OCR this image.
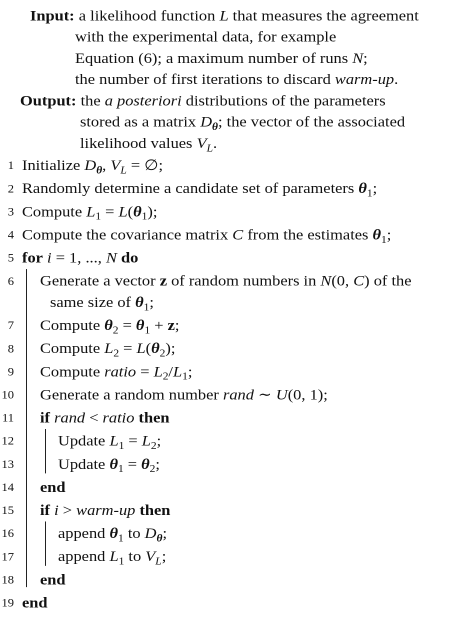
Input: a likelihood function L that measures the agreement
with the experimental data, for example
Equation (6); a maximum number of runs N;
the number of first iterations to discard warm-up.
Output: the a posteriori distributions of the parameters
stored as a matrix $D_\theta$; the vector of the associated
likelihood values $V_L$.
1
2
3
4
5
6
7
8
9
10
11
12
13
14
15
16
17
18
19
Initialize $D_\theta$, $V_L$ = ∅;
Randomly determine a candidate set of parameters $\theta_1$;
Compute $L_1 = L(\theta_1)$;
Compute the covariance matrix C from the estimates $\theta_1$;
for i = 1, ..., N do
Generate a vector z of random numbers in N(0, C) of the
same size of $\theta_1$;
Compute $\theta_2 = \theta_1 + z$;
Compute $L_2 = L(\theta_2)$;
Compute ratio = $L_2/L_1$;
Generate a random number rand ∼ U(0, 1);
if rand < ratio then
Update $L_1 = L_2$;
Update $\theta_1 = \theta_2$;
end
if i > warm-up then
append $\theta_1$ to $D_\theta$;
append $L_1$ to $V_L$;
end
end
